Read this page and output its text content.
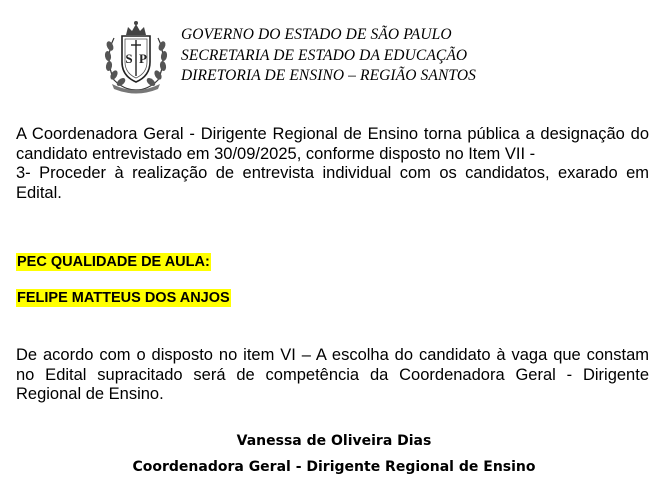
S P
GOVERNO DO ESTADO DE SÃO PAULO
SECRETARIA DE ESTADO DA EDUCAÇÃO
DIRETORIA DE ENSINO – REGIÃO SANTOS
A Coordenadora Geral - Dirigente Regional de Ensino torna pública a designação do candidato entrevistado em 30/09/2025, conforme disposto no Item VII -
3- Proceder à realização de entrevista individual com os candidatos, exarado em Edital.
PEC QUALIDADE DE AULA:
FELIPE MATTEUS DOS ANJOS
De acordo com o disposto no item VI – A escolha do candidato à vaga que constam no Edital supracitado será de competência da Coordenadora Geral - Dirigente Regional de Ensino.
Vanessa de Oliveira Dias
Coordenadora Geral - Dirigente Regional de Ensino
